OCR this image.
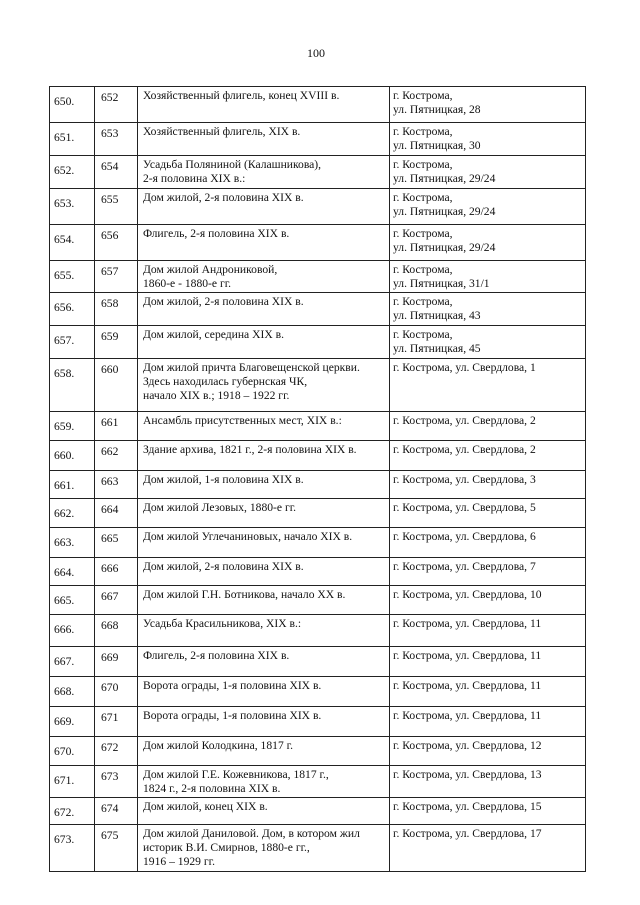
100
650.	652	Хозяйственный флигель, конец XVIII в.	г. Кострома,
ул. Пятницкая, 28

651.	653	Хозяйственный флигель, XIX в.	г. Кострома,
ул. Пятницкая, 30

652.	654	Усадьба Поляниной (Калашникова),
2-я половина XIX в.:	г. Кострома,
ул. Пятницкая, 29/24

653.	655	Дом жилой, 2-я половина XIX в.	г. Кострома,
ул. Пятницкая, 29/24

654.	656	Флигель, 2-я половина XIX в.	г. Кострома,
ул. Пятницкая, 29/24

655.	657	Дом жилой Андрониковой,
1860-е - 1880-е гг.	г. Кострома,
ул. Пятницкая, 31/1

656.	658	Дом жилой, 2-я половина XIX в.	г. Кострома,
ул. Пятницкая, 43

657.	659	Дом жилой, середина XIX в.	г. Кострома,
ул. Пятницкая, 45

658.	660	Дом жилой причта Благовещенской церкви.
Здесь находилась губернская ЧК,
начало XIX в.; 1918 – 1922 гг.	г. Кострома, ул. Свердлова, 1

659.	661	Ансамбль присутственных мест, XIX в.:	г. Кострома, ул. Свердлова, 2

660.	662	Здание архива, 1821 г., 2-я половина XIX в.	г. Кострома, ул. Свердлова, 2

661.	663	Дом жилой, 1-я половина XIX в.	г. Кострома, ул. Свердлова, 3

662.	664	Дом жилой Лезовых, 1880-е гг.	г. Кострома, ул. Свердлова, 5

663.	665	Дом жилой Углечаниновых, начало XIX в.	г. Кострома, ул. Свердлова, 6

664.	666	Дом жилой, 2-я половина XIX в.	г. Кострома, ул. Свердлова, 7

665.	667	Дом жилой Г.Н. Ботникова, начало XX в.	г. Кострома, ул. Свердлова, 10

666.	668	Усадьба Красильникова, XIX в.:	г. Кострома, ул. Свердлова, 11

667.	669	Флигель, 2-я половина XIX в.	г. Кострома, ул. Свердлова, 11

668.	670	Ворота ограды, 1-я половина XIX в.	г. Кострома, ул. Свердлова, 11

669.	671	Ворота ограды, 1-я половина XIX в.	г. Кострома, ул. Свердлова, 11

670.	672	Дом жилой Колодкина, 1817 г.	г. Кострома, ул. Свердлова, 12

671.	673	Дом жилой Г.Е. Кожевникова, 1817 г.,
1824 г., 2-я половина XIX в.	г. Кострома, ул. Свердлова, 13

672.	674	Дом жилой, конец XIX в.	г. Кострома, ул. Свердлова, 15

673.	675	Дом жилой Даниловой. Дом, в котором жил
историк В.И. Смирнов, 1880-е гг.,
1916 – 1929 гг.	г. Кострома, ул. Свердлова, 17
